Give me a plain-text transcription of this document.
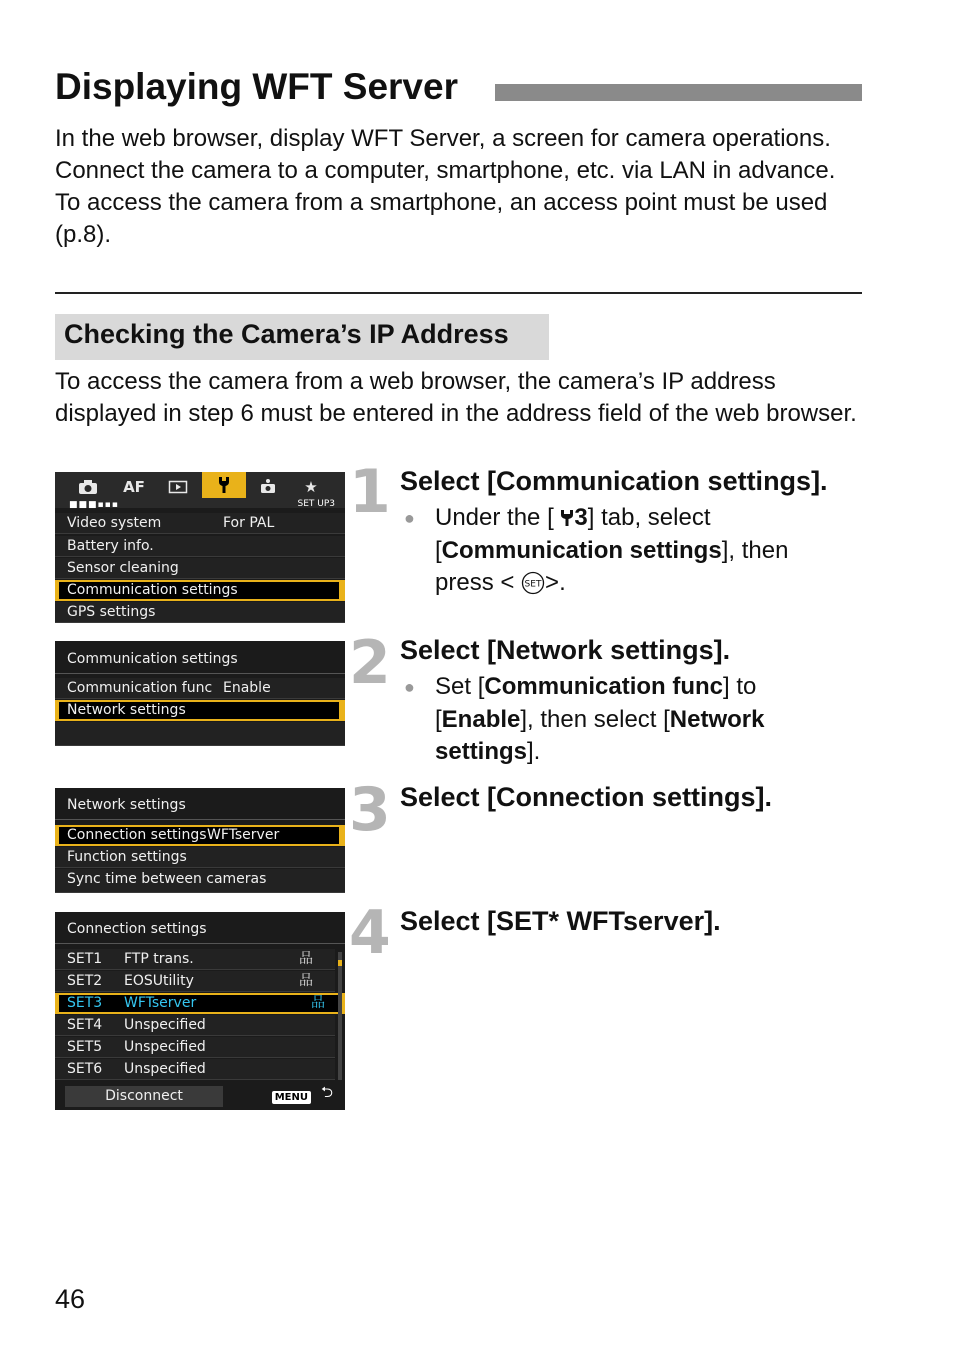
Displaying WFT Server

In the web browser, display WFT Server, a screen for camera operations. Connect the camera to a computer, smartphone, etc. via LAN in advance.

To access the camera from a smartphone, an access point must be used (p.8).

Checking the Camera’s IP Address
To access the camera from a web browser, the camera’s IP address displayed in step 6 must be entered in the address field of the web browser.
AF	★
■■■▪▪▪	SET UP3
Video system	For PAL
Battery info.
Sensor cleaning
Communication settings
GPS settings
1 Select [Communication settings].
● Under the [ 3] tab, select [Communication settings], then press < SET >.
Communication settings
Communication func Enable
Network settings
2 Select [Network settings].
● Set [Communication func] to [Enable], then select [Network settings].
Network settings
Connection settings WFTserver
Function settings
Sync time between cameras
3 Select [Connection settings].
Connection settings
SET1 FTP trans.	品
SET2 EOSUtility	品
SET3 WFTserver	品
SET4 Unspecified
SET5 Unspecified
SET6 Unspecified
Disconnect	MENU ⮌
4 Select [SET* WFTserver].
46
